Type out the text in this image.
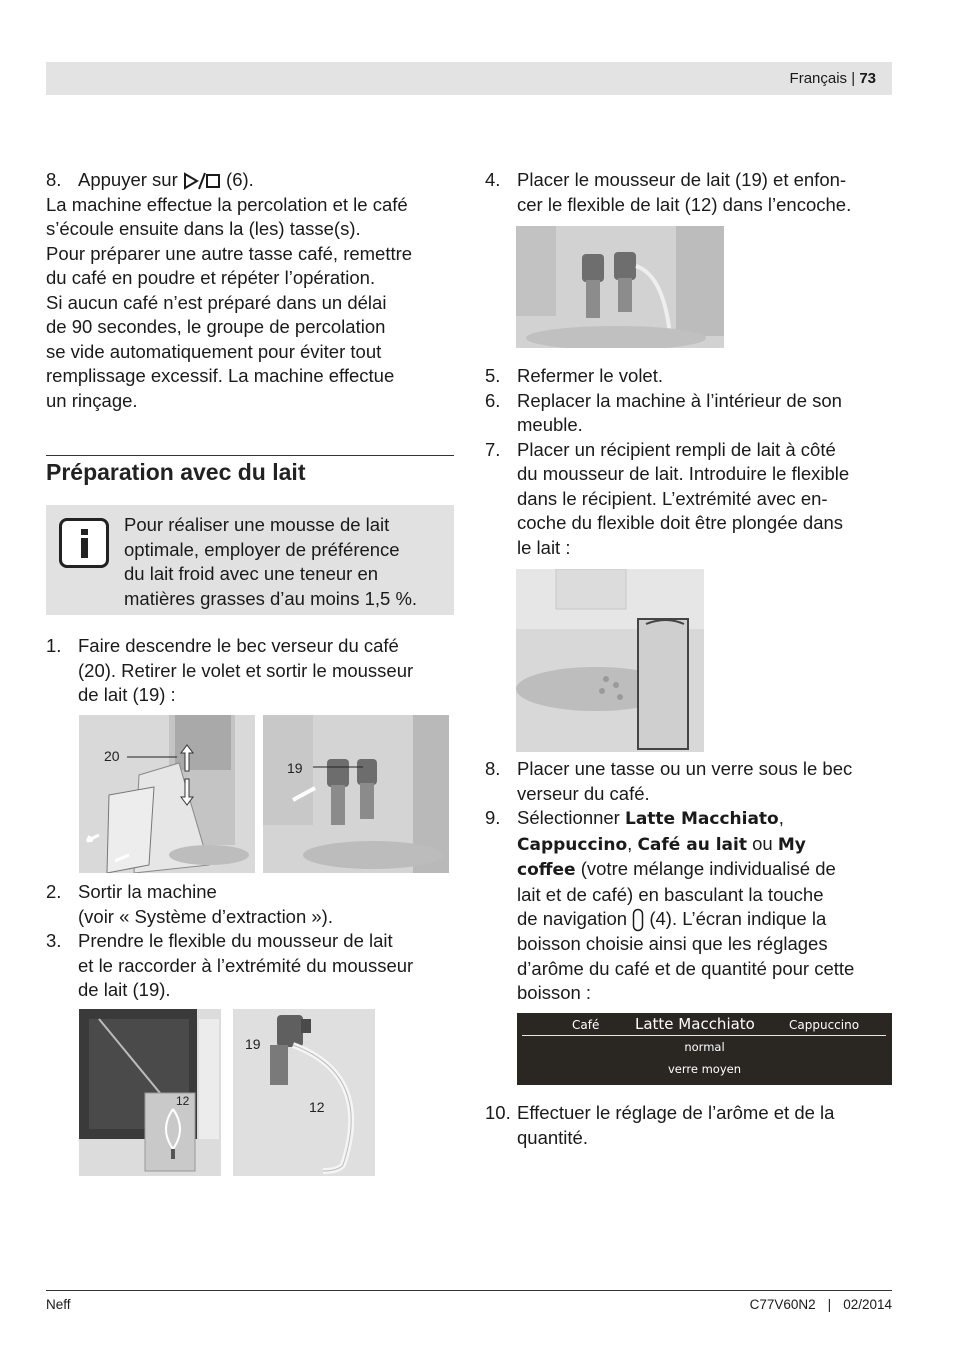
Français | 73
8. Appuyer sur  (6).

La machine effectue la percolation et le café

s’écoule ensuite dans la (les) tasse(s).

Pour préparer une autre tasse café, remettre

du café en poudre et répéter l’opération.

Si aucun café n’est préparé dans un délai

de 90 secondes, le groupe de percolation

se vide automatiquement pour éviter tout

remplissage excessif. La machine effectue

un rinçage.

Préparation avec du lait

Pour réaliser une mousse de lait

optimale, employer de préférence

du lait froid avec une teneur en

matières grasses d’au moins 1,5 %.

1. Faire descendre le bec verseur du café

(20). Retirer le volet et sortir le mousseur

de lait (19) :

20
19
2. Sortir la machine

(voir « Système d’extraction »).

3. Prendre le flexible du mousseur de lait

et le raccorder à l’extrémité du mousseur

de lait (19).

12
19
12
4. Placer le mousseur de lait (19) et enfon-

cer le flexible de lait (12) dans l’encoche.

5. Refermer le volet.

6. Replacer la machine à l’intérieur de son

meuble.

7. Placer un récipient rempli de lait à côté

du mousseur de lait. Introduire le flexible

dans le récipient. L’extrémité avec en-

coche du flexible doit être plongée dans

le lait :

8. Placer une tasse ou un verre sous le bec

verseur du café.

9. Sélectionner Latte Macchiato,

Cappuccino, Café au lait ou My

coffee (votre mélange individualisé de

lait et de café) en basculant la touche

de navigation  (4). L’écran indique la

boisson choisie ainsi que les réglages

d’arôme du café et de quantité pour cette

boisson :

Café Latte Macchiato	Cappuccino
normal
verre moyen
10. Effectuer le réglage de l’arôme et de la

quantité.

Neff	C77V60N2 | 02/2014
